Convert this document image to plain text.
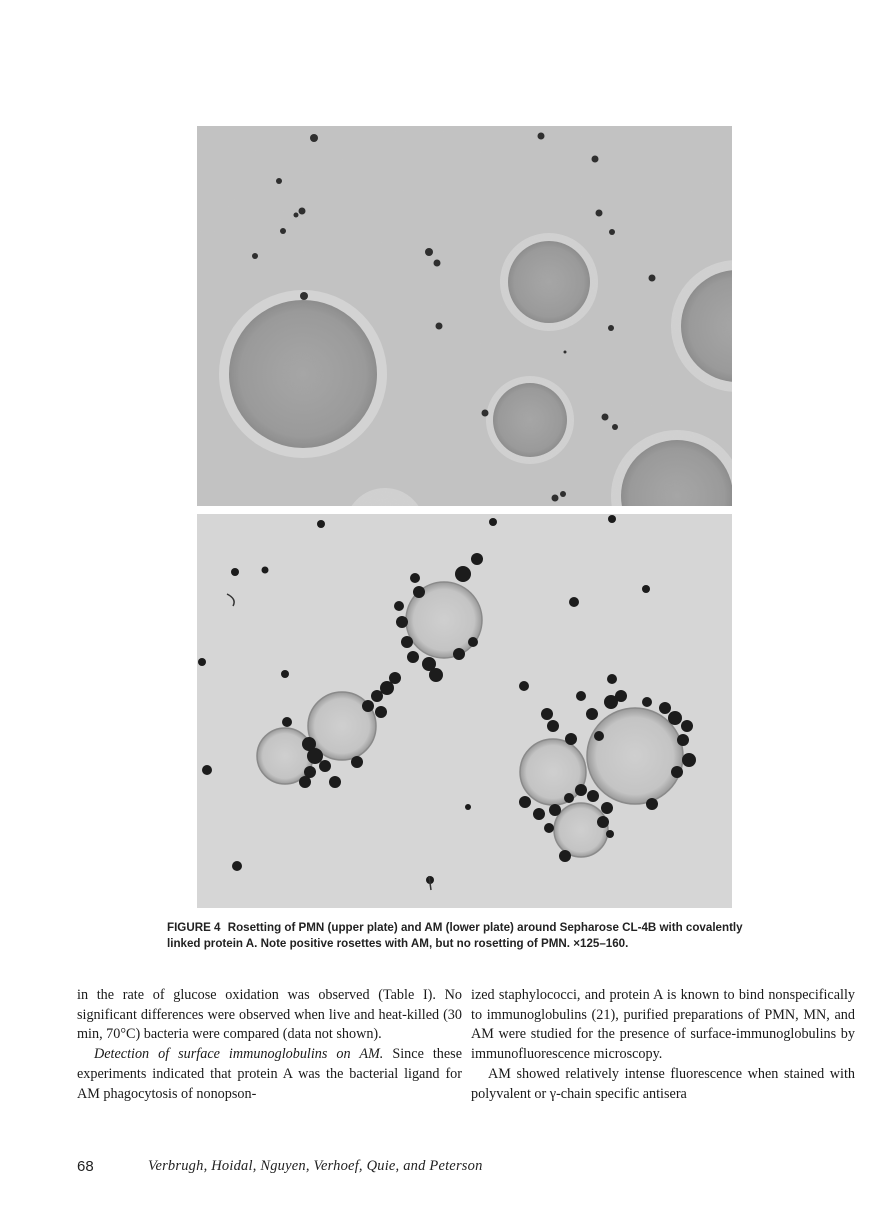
FIGURE 4 Rosetting of PMN (upper plate) and AM (lower plate) around Sepharose CL-4B with covalently linked protein A. Note positive rosettes with AM, but no rosetting of PMN. ×125–160.

in the rate of glucose oxidation was observed (Table I). No significant differences were observed when live and heat-killed (30 min, 70°C) bacteria were compared (data not shown).

Detection of surface immunoglobulins on AM. Since these experiments indicated that protein A was the bacterial ligand for AM phagocytosis of nonopson-

ized staphylococci, and protein A is known to bind nonspecifically to immunoglobulins (21), purified preparations of PMN, MN, and AM were studied for the presence of surface-immunoglobulins by immunofluorescence microscopy.

AM showed relatively intense fluorescence when stained with polyvalent or γ-chain specific antisera

68	Verbrugh, Hoidal, Nguyen, Verhoef, Quie, and Peterson
